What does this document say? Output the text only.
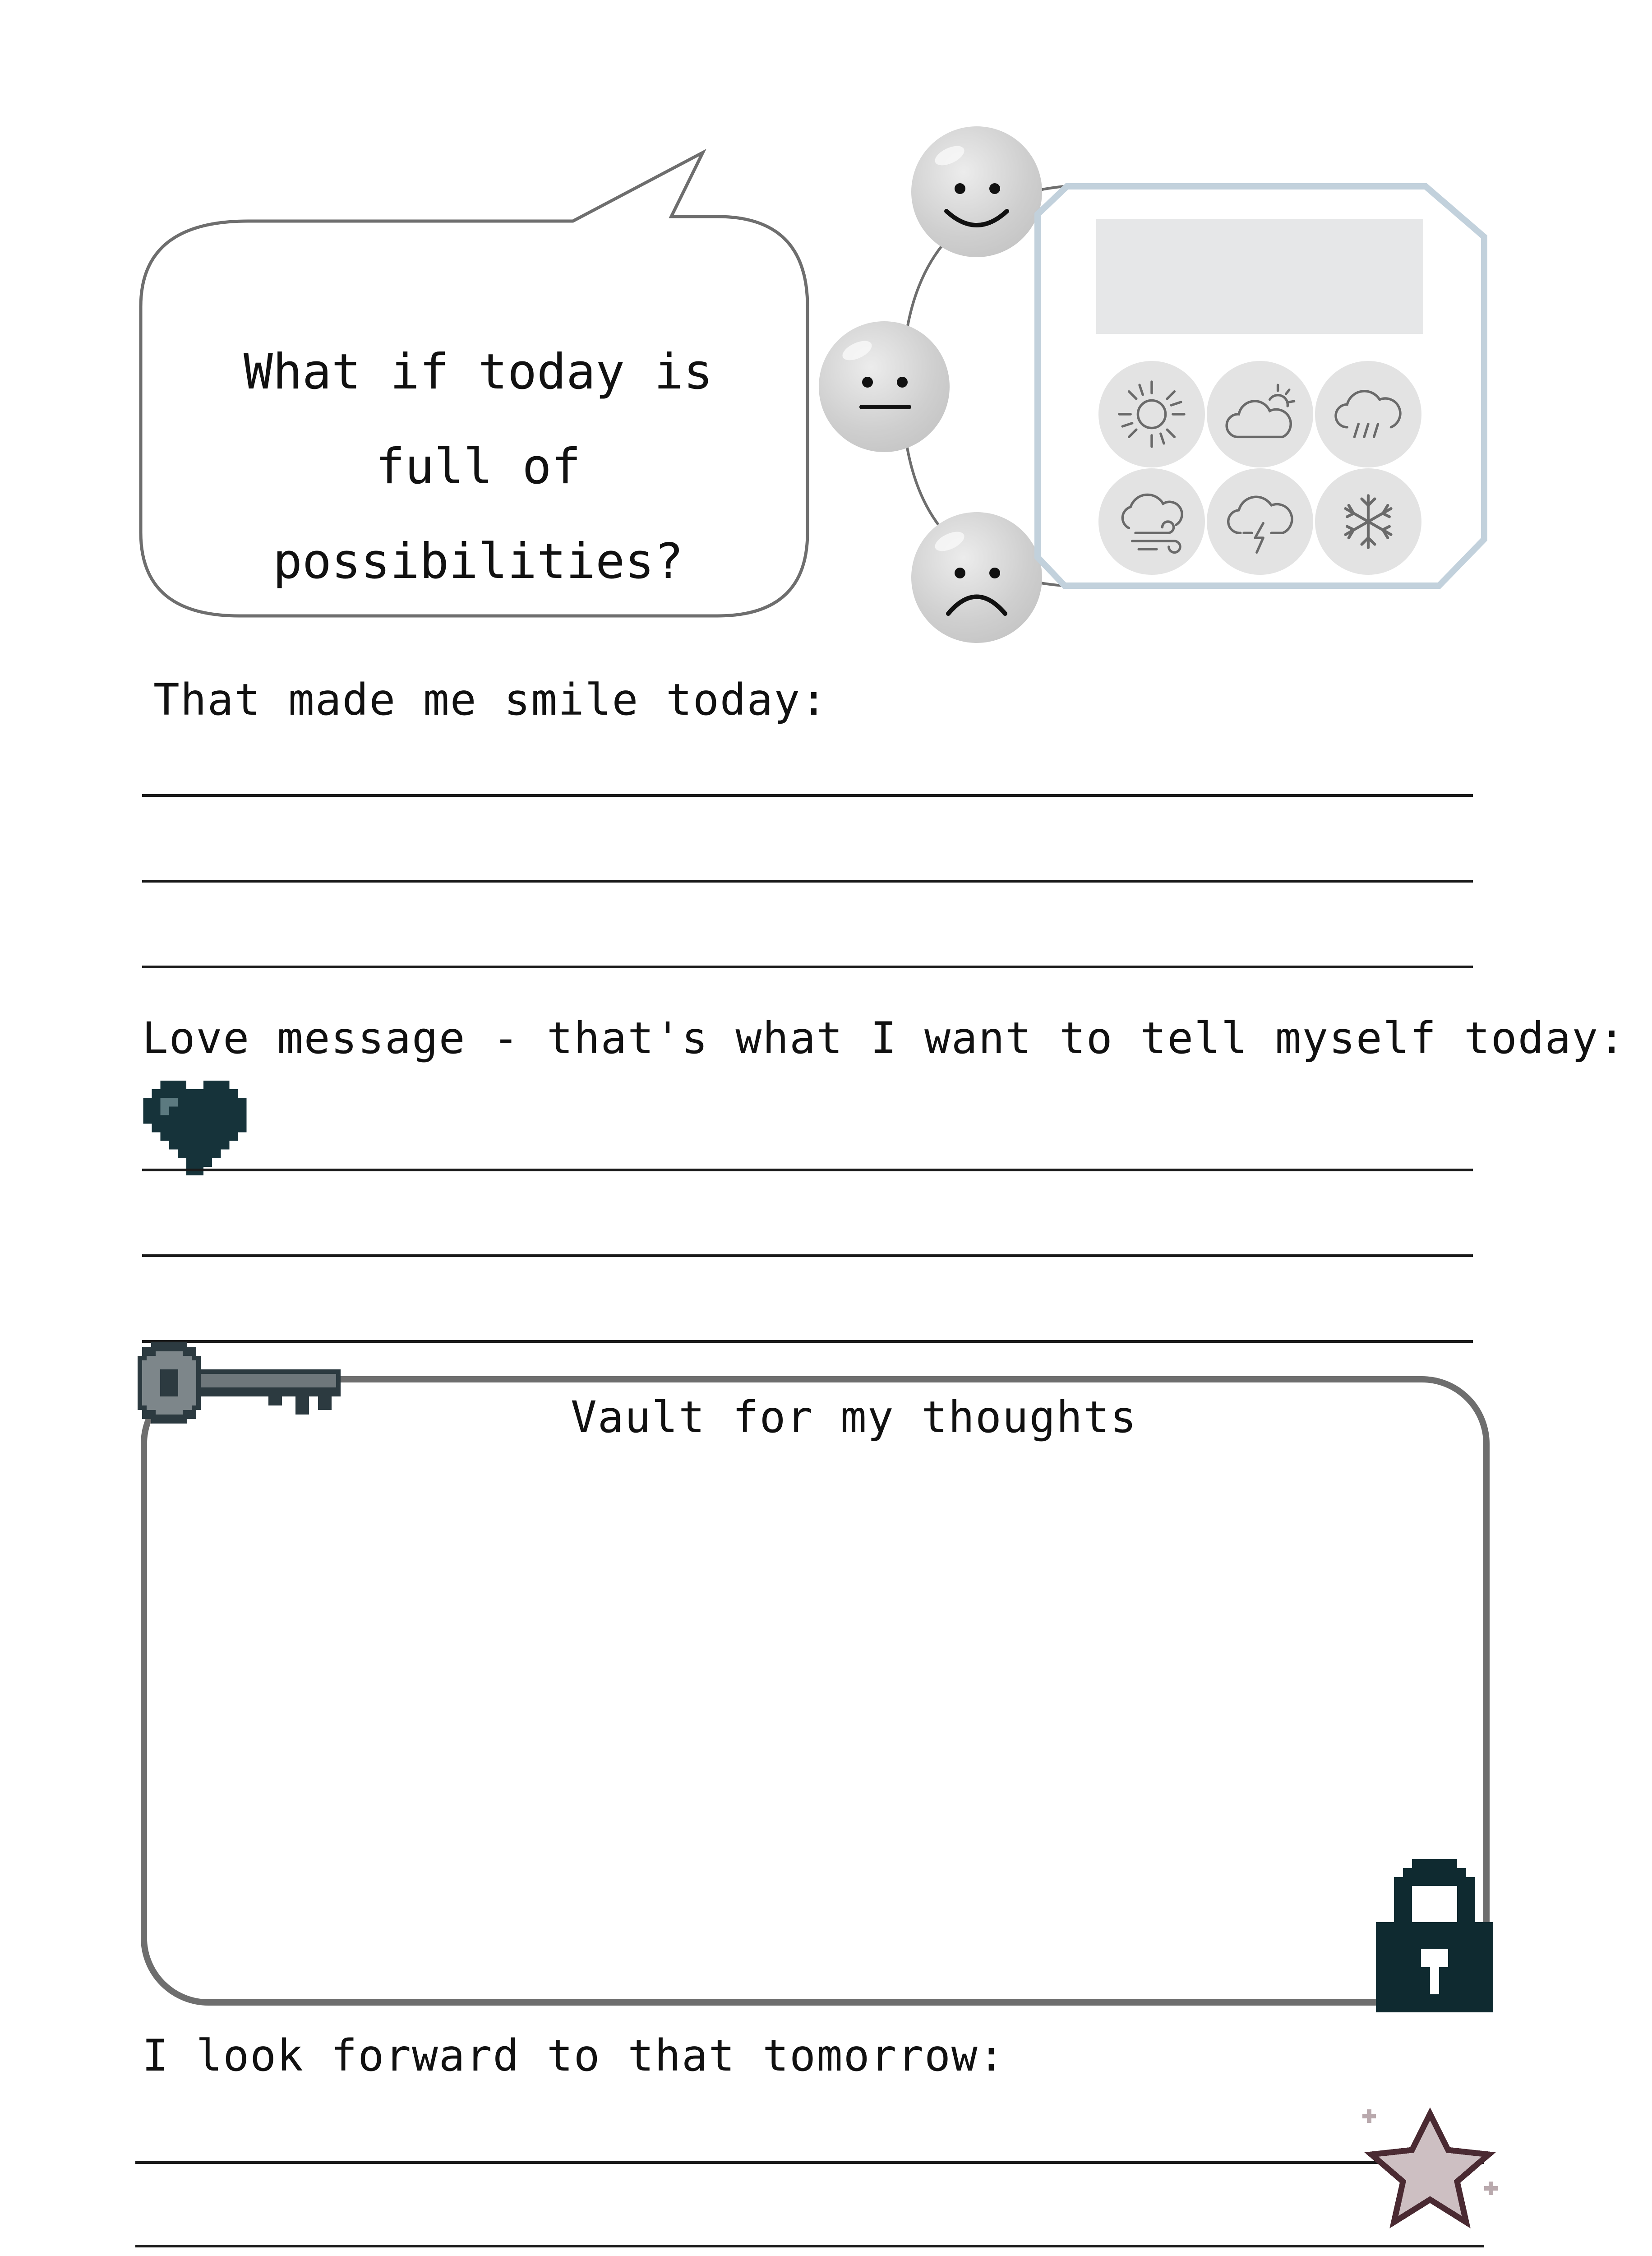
What if today is full of possibilities?
That made me smile today:
Love message - that's what I want to tell myself today:
Vault for my thoughts
I look forward to that tomorrow:
